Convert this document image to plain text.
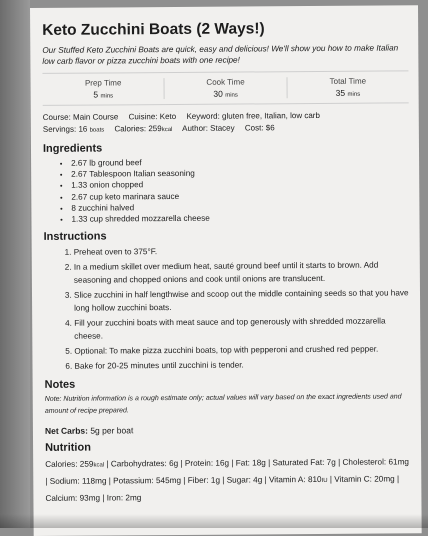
Keto Zucchini Boats (2 Ways!)

Our Stuffed Keto Zucchini Boats are quick, easy and delicious! We'll show you how to make Italian low carb flavor or pizza zucchini boats with one recipe!

Prep Time
5 mins
Cook Time
30 mins
Total Time
35 mins
Course: Main Course Cuisine: Keto Keyword: gluten free, Italian, low carb
Servings: 16 boats Calories: 259kcal Author: Stacey Cost: $6
Ingredients
• 2.67 lb ground beef
• 2.67 Tablespoon Italian seasoning
• 1.33 onion chopped
• 2.67 cup keto marinara sauce
• 8 zucchini halved
• 1.33 cup shredded mozzarella cheese
Instructions
1. Preheat oven to 375°F.
2. In a medium skillet over medium heat, sauté ground beef until it starts to brown. Add seasoning and chopped onions and cook until onions are translucent.
3. Slice zucchini in half lengthwise and scoop out the middle containing seeds so that you have long hollow zucchini boats.
4. Fill your zucchini boats with meat sauce and top generously with shredded mozzarella cheese.
5. Optional: To make pizza zucchini boats, top with pepperoni and crushed red pepper.
6. Bake for 20-25 minutes until zucchini is tender.
Notes

Note: Nutrition information is a rough estimate only; actual values will vary based on the exact ingredients used and amount of recipe prepared.

Net Carbs: 5g per boat

Nutrition
Calories: 259kcal | Carbohydrates: 6g | Protein: 16g | Fat: 18g | Saturated Fat: 7g | Cholesterol: 61mg | Sodium: 118mg | Potassium: 545mg | Fiber: 1g | Sugar: 4g | Vitamin A: 810IU | Vitamin C: 20mg | Calcium: 93mg | Iron: 2mg
